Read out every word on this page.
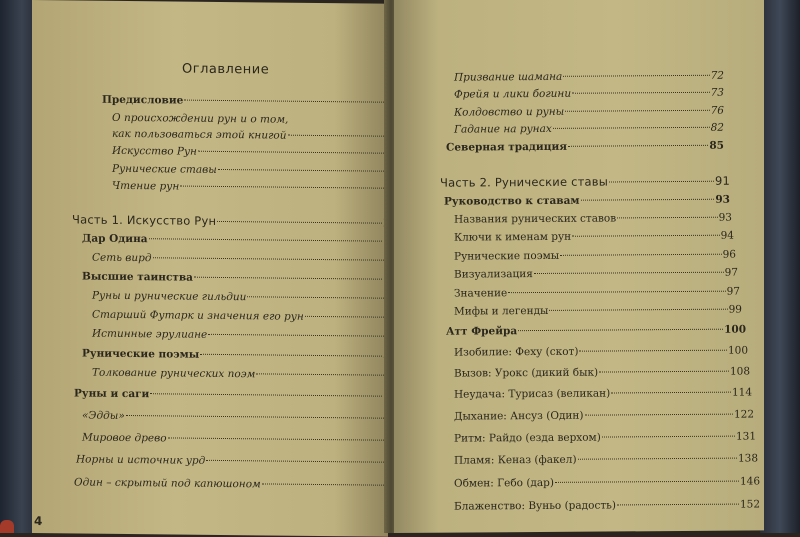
Оглавление
Предисловие
О происхождении рун и о том,
как пользоваться этой книгой
Искусство Рун
Рунические ставы
Чтение рун
Часть 1. Искусство Рун
Дар Одина
Сеть вирд
Высшие таинства
Руны и рунические гильдии
Старший Футарк и значения его рун
Истинные эрулиане
Рунические поэмы
Толкование рунических поэм
Руны и саги
«Эдды»
Мировое древо
Норны и источник урд
Один – скрытый под капюшоном
4
Призвание шамана	72
Фрейя и лики богини	73
Колдовство и руны	76
Гадание на рунах	82
Северная традиция	85
Часть 2. Рунические ставы	91
Руководство к ставам	93
Названия рунических ставов	93
Ключи к именам рун	94
Рунические поэмы	96
Визуализация	97
Значение	97
Мифы и легенды	99
Атт Фрейра	100
Изобилие: Феху (скот)	100
Вызов: Урокс (дикий бык)	108
Неудача: Турисаз (великан)	114
Дыхание: Ансуз (Один)	122
Ритм: Райдо (езда верхом)	131
Пламя: Кеназ (факел)	138
Обмен: Гебо (дар)	146
Блаженство: Вуньо (радость)	152
